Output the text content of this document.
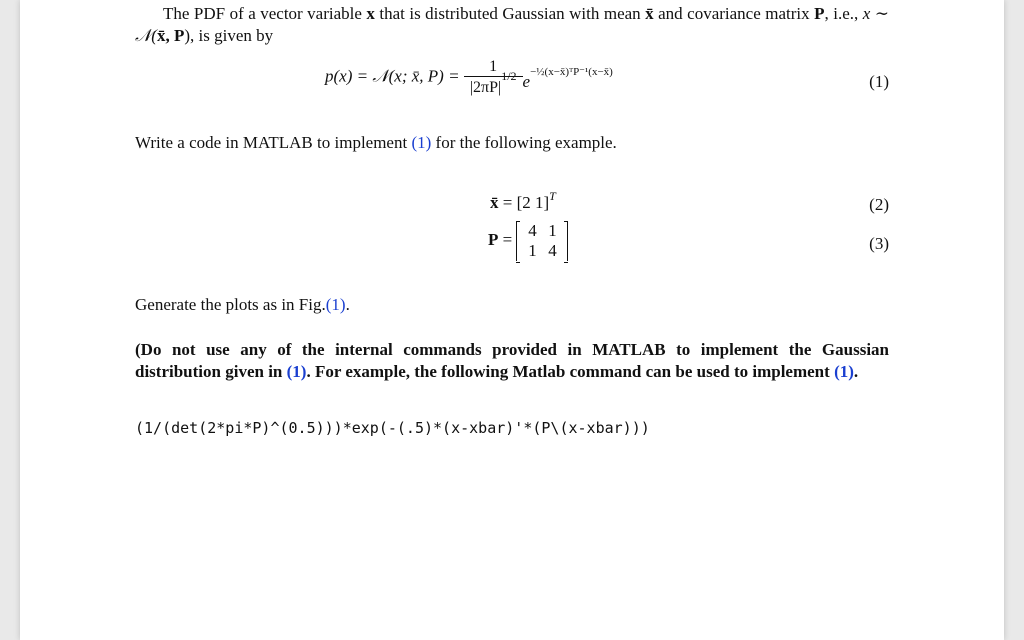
The PDF of a vector variable x that is distributed Gaussian with mean x̄ and covariance matrix P, i.e., x ∼ 𝒩(x̄, P), is given by
p(x) = 𝒩(x; x̄, $P) = \frac{1}{|2\pi P|^{1/2}} e^{-\frac{1}{2}(x-x̄)ᵀP^{-1}(x-x̄)}$	(1)
Write a code in MATLAB to implement (1) for the following example.
x̄ = [2 1]$^T$	(2)
P = 4 1
1 4	(3)
Generate the plots as in Fig.(1).
(Do not use any of the internal commands provided in MATLAB to implement the Gaussian distribution given in (1). For example, the following Matlab command can be used to implement (1).
(1/(det(2*pi*P)^(0.5)))*exp(-(.5)*(x-xbar)'*(P\(x-xbar)))
